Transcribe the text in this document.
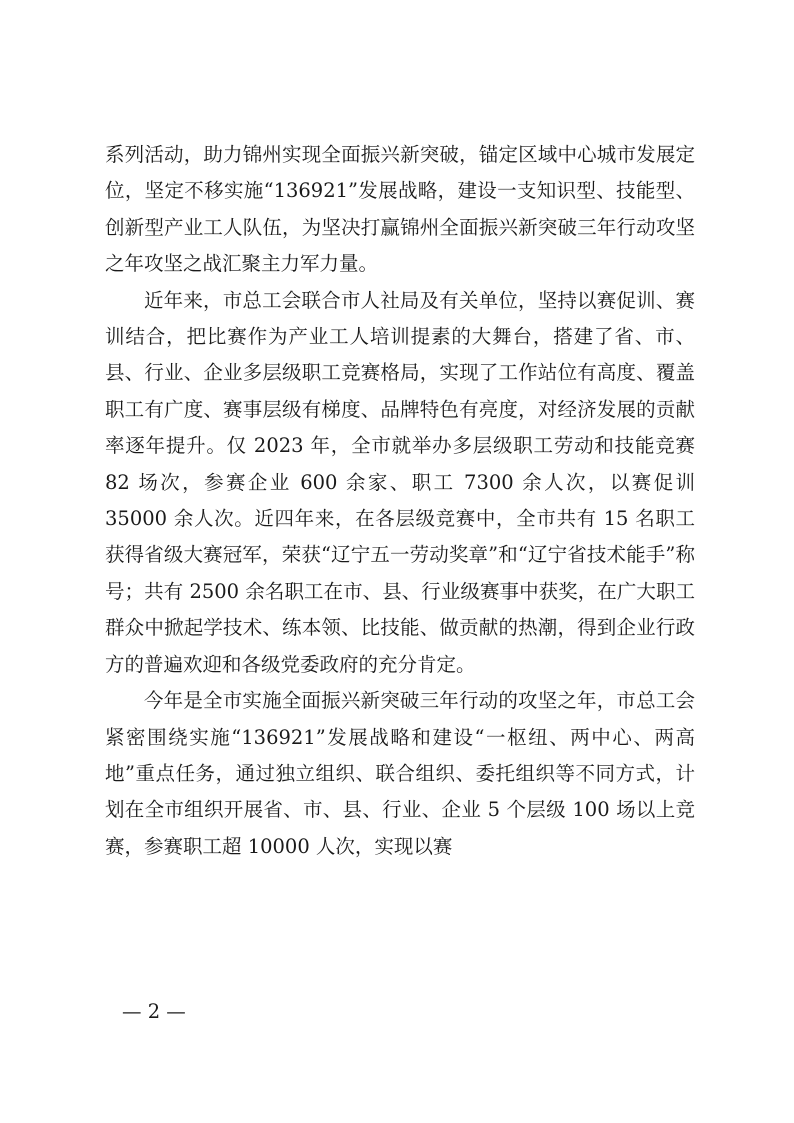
系列活动，助力锦州实现全面振兴新突破，锚定区域中心城市发展定位，坚定不移实施“136921”发展战略，建设一支知识型、技能型、创新型产业工人队伍，为坚决打赢锦州全面振兴新突破三年行动攻坚之年攻坚之战汇聚主力军力量。

近年来，市总工会联合市人社局及有关单位，坚持以赛促训、赛训结合，把比赛作为产业工人培训提素的大舞台，搭建了省、市、县、行业、企业多层级职工竞赛格局，实现了工作站位有高度、覆盖职工有广度、赛事层级有梯度、品牌特色有亮度，对经济发展的贡献率逐年提升。仅 2023 年，全市就举办多层级职工劳动和技能竞赛 82 场次，参赛企业 600 余家、职工 7300 余人次，以赛促训 35000 余人次。近四年来，在各层级竞赛中，全市共有 15 名职工获得省级大赛冠军，荣获“辽宁五一劳动奖章”和“辽宁省技术能手”称号；共有 2500 余名职工在市、县、行业级赛事中获奖，在广大职工群众中掀起学技术、练本领、比技能、做贡献的热潮，得到企业行政方的普遍欢迎和各级党委政府的充分肯定。

今年是全市实施全面振兴新突破三年行动的攻坚之年，市总工会紧密围绕实施“136921”发展战略和建设“一枢纽、两中心、两高地”重点任务，通过独立组织、联合组织、委托组织等不同方式，计划在全市组织开展省、市、县、行业、企业 5 个层级 100 场以上竞赛，参赛职工超 10000 人次，实现以赛

— 2 —
